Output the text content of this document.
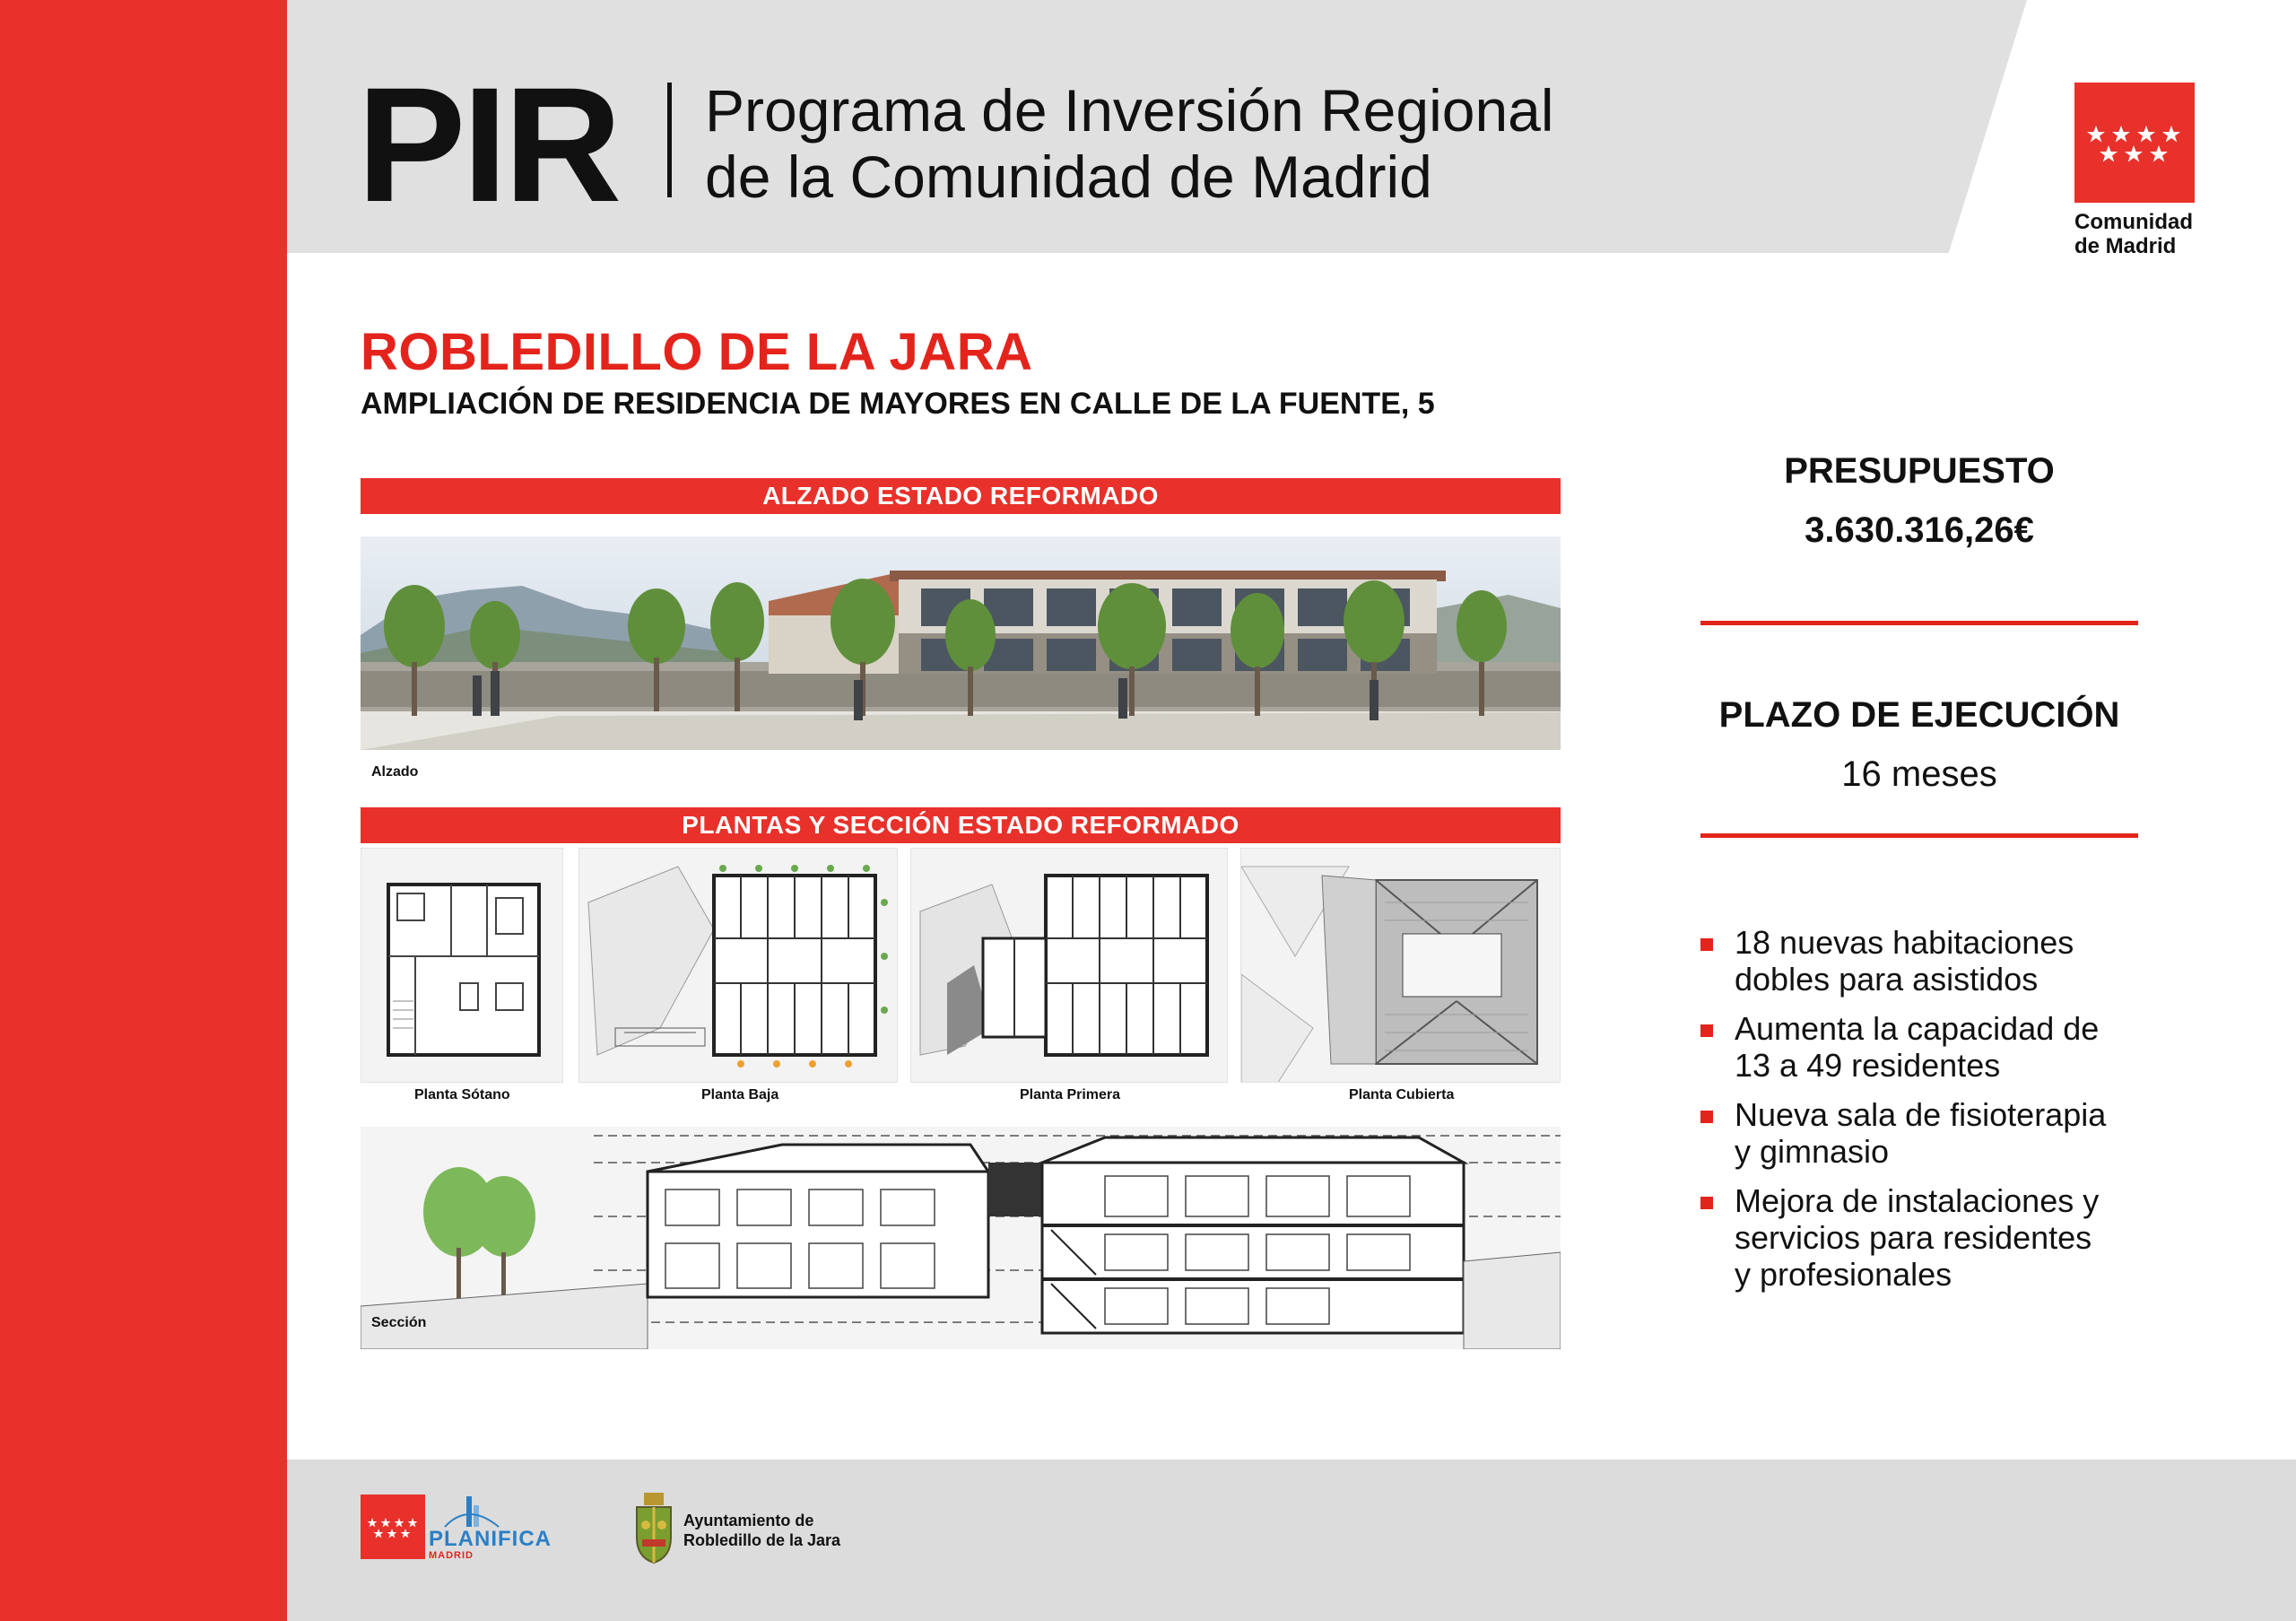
PIR Programa de Inversión Regional
de la Comunidad de Madrid
Comunidad
de Madrid
ROBLEDILLO DE LA JARA
AMPLIACIÓN DE RESIDENCIA DE MAYORES EN CALLE DE LA FUENTE, 5
ALZADO ESTADO REFORMADO
Alzado
PLANTAS Y SECCIÓN ESTADO REFORMADO
Planta Sótano	Planta Baja	Planta Primera	Planta Cubierta
Sección
PRESUPUESTO
3.630.316,26€
PLAZO DE EJECUCIÓN
16 meses
18 nuevas habitaciones
dobles para asistidos
Aumenta la capacidad de
13 a 49 residentes
Nueva sala de fisioterapia
y gimnasio
Mejora de instalaciones y
servicios para residentes
y profesionales
PLANIFICA
MADRID
Ayuntamiento de
Robledillo de la Jara
